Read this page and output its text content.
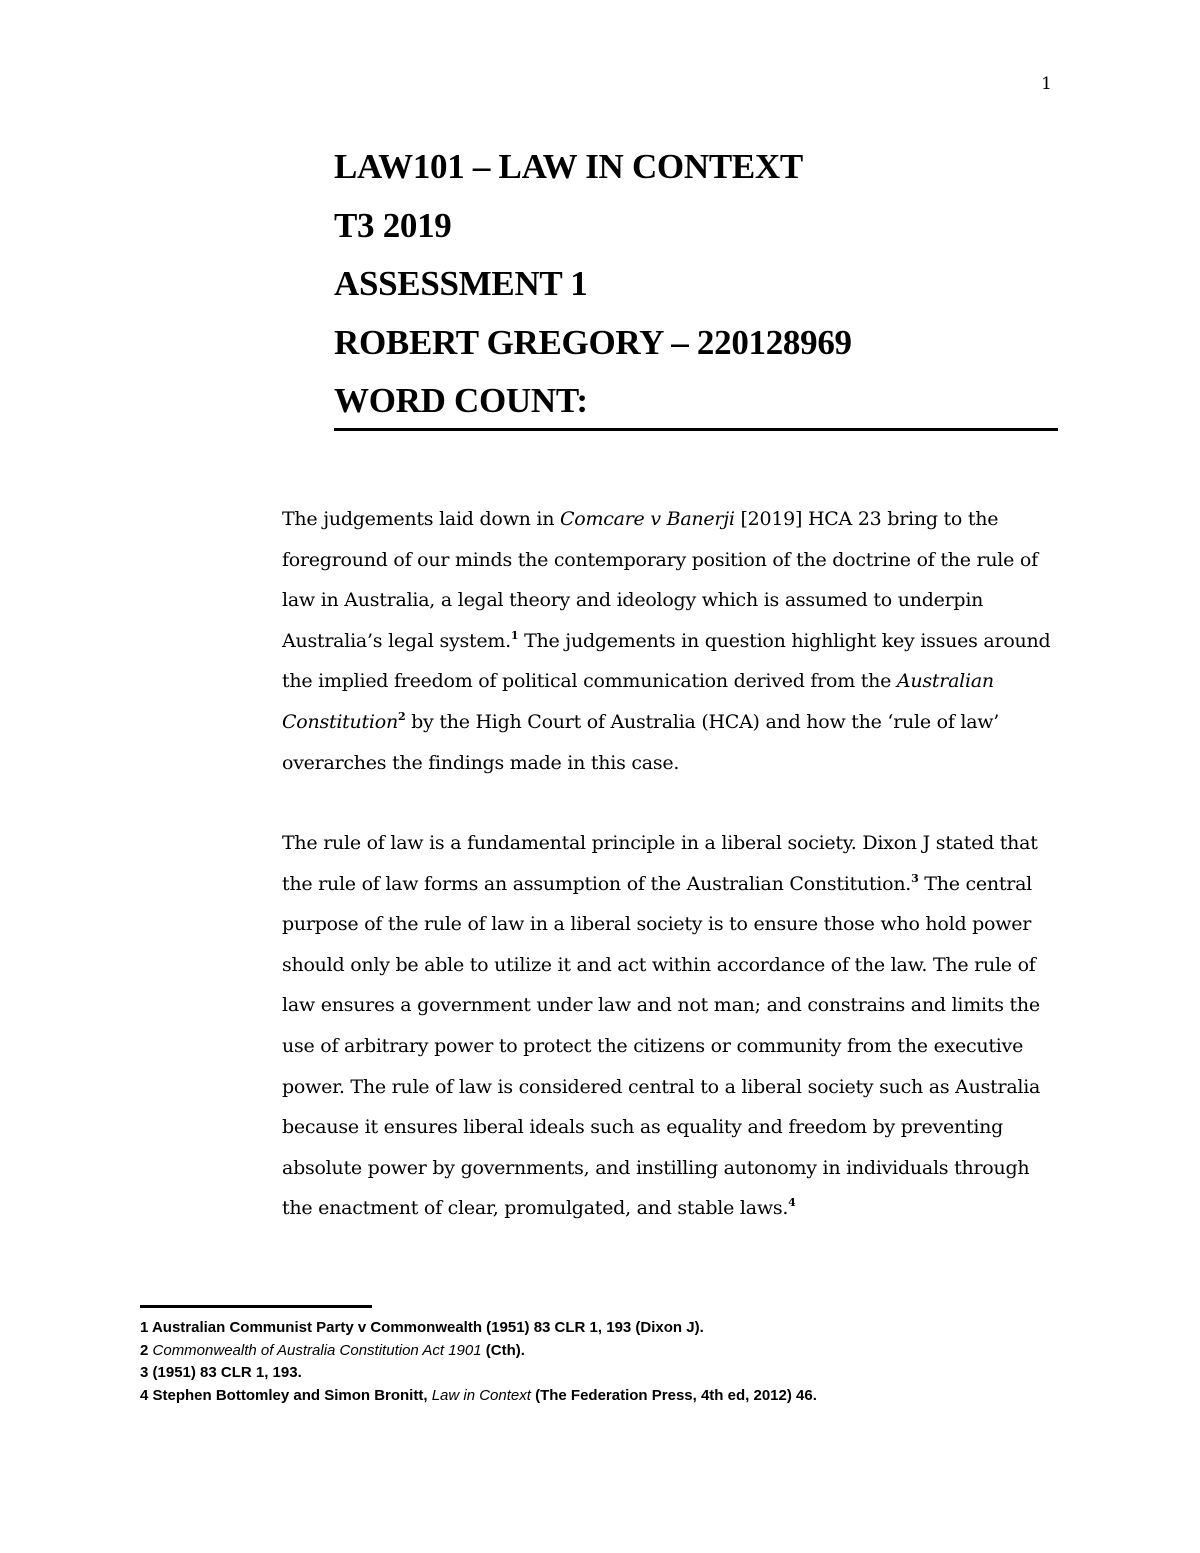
1
LAW101 – LAW IN CONTEXT
T3 2019
ASSESSMENT 1
ROBERT GREGORY – 220128969
WORD COUNT:
The judgements laid down in Comcare v Banerji [2019] HCA 23 bring to the
foreground of our minds the contemporary position of the doctrine of the rule of
law in Australia, a legal theory and ideology which is assumed to underpin
Australia’s legal system.$^1$ The judgements in question highlight key issues around
the implied freedom of political communication derived from the Australian
Constitution$^2$ by the High Court of Australia (HCA) and how the ‘rule of law’
overarches the findings made in this case.
The rule of law is a fundamental principle in a liberal society. Dixon J stated that
the rule of law forms an assumption of the Australian Constitution.$^3$ The central
purpose of the rule of law in a liberal society is to ensure those who hold power
should only be able to utilize it and act within accordance of the law. The rule of
law ensures a government under law and not man; and constrains and limits the
use of arbitrary power to protect the citizens or community from the executive
power. The rule of law is considered central to a liberal society such as Australia
because it ensures liberal ideals such as equality and freedom by preventing
absolute power by governments, and instilling autonomy in individuals through
the enactment of clear, promulgated, and stable laws.$^4$
1 Australian Communist Party v Commonwealth (1951) 83 CLR 1, 193 (Dixon J).
2 Commonwealth of Australia Constitution Act 1901 (Cth).
3 (1951) 83 CLR 1, 193.
4 Stephen Bottomley and Simon Bronitt, Law in Context (The Federation Press, 4th ed, 2012) 46.
